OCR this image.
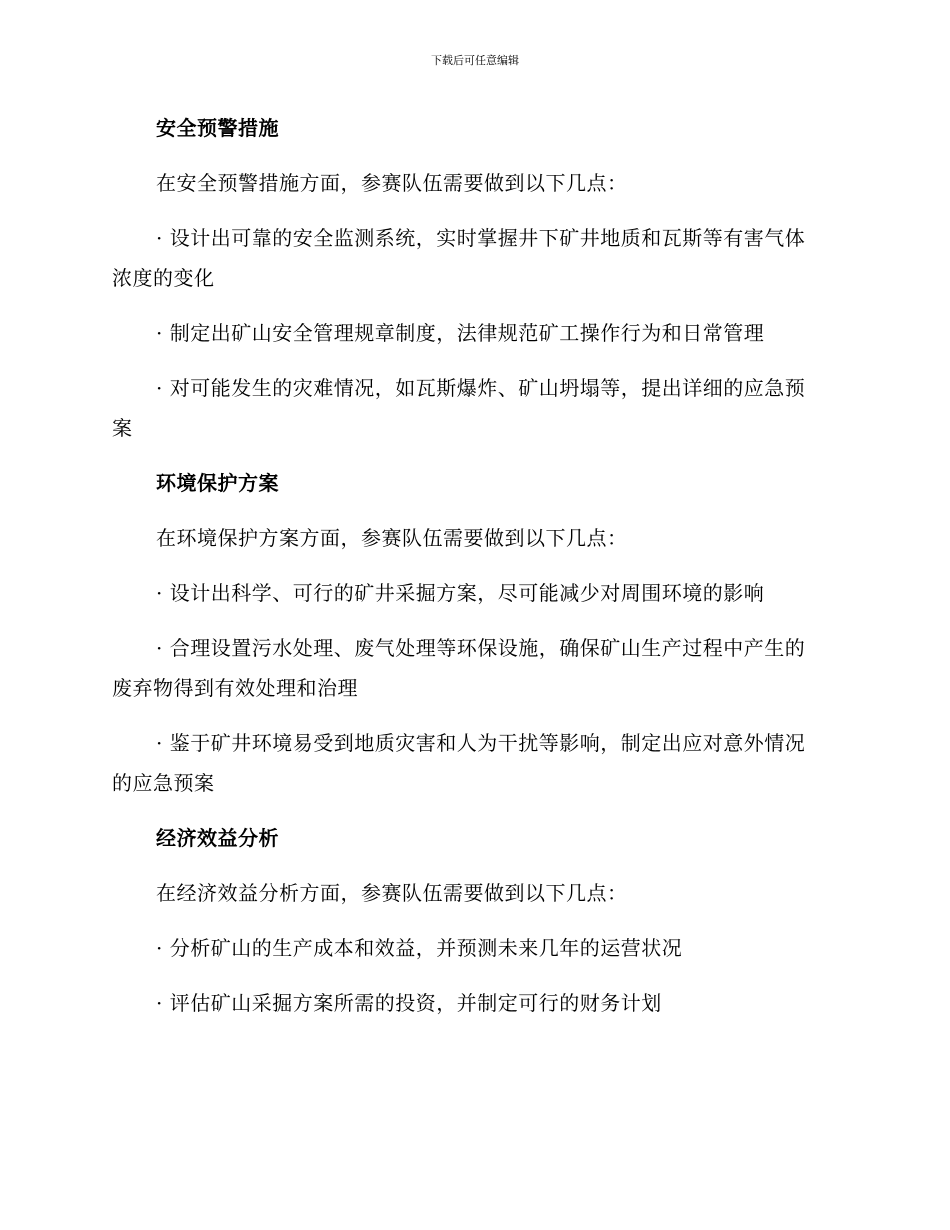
下载后可任意编辑
安全预警措施
在安全预警措施方面，参赛队伍需要做到以下几点：
· 设计出可靠的安全监测系统，实时掌握井下矿井地质和瓦斯等有害气体浓度的变化
· 制定出矿山安全管理规章制度，法律规范矿工操作行为和日常管理
· 对可能发生的灾难情况，如瓦斯爆炸、矿山坍塌等，提出详细的应急预案
环境保护方案
在环境保护方案方面，参赛队伍需要做到以下几点：
· 设计出科学、可行的矿井采掘方案，尽可能减少对周围环境的影响
· 合理设置污水处理、废气处理等环保设施，确保矿山生产过程中产生的废弃物得到有效处理和治理
· 鉴于矿井环境易受到地质灾害和人为干扰等影响，制定出应对意外情况的应急预案
经济效益分析
在经济效益分析方面，参赛队伍需要做到以下几点：
· 分析矿山的生产成本和效益，并预测未来几年的运营状况
· 评估矿山采掘方案所需的投资，并制定可行的财务计划
